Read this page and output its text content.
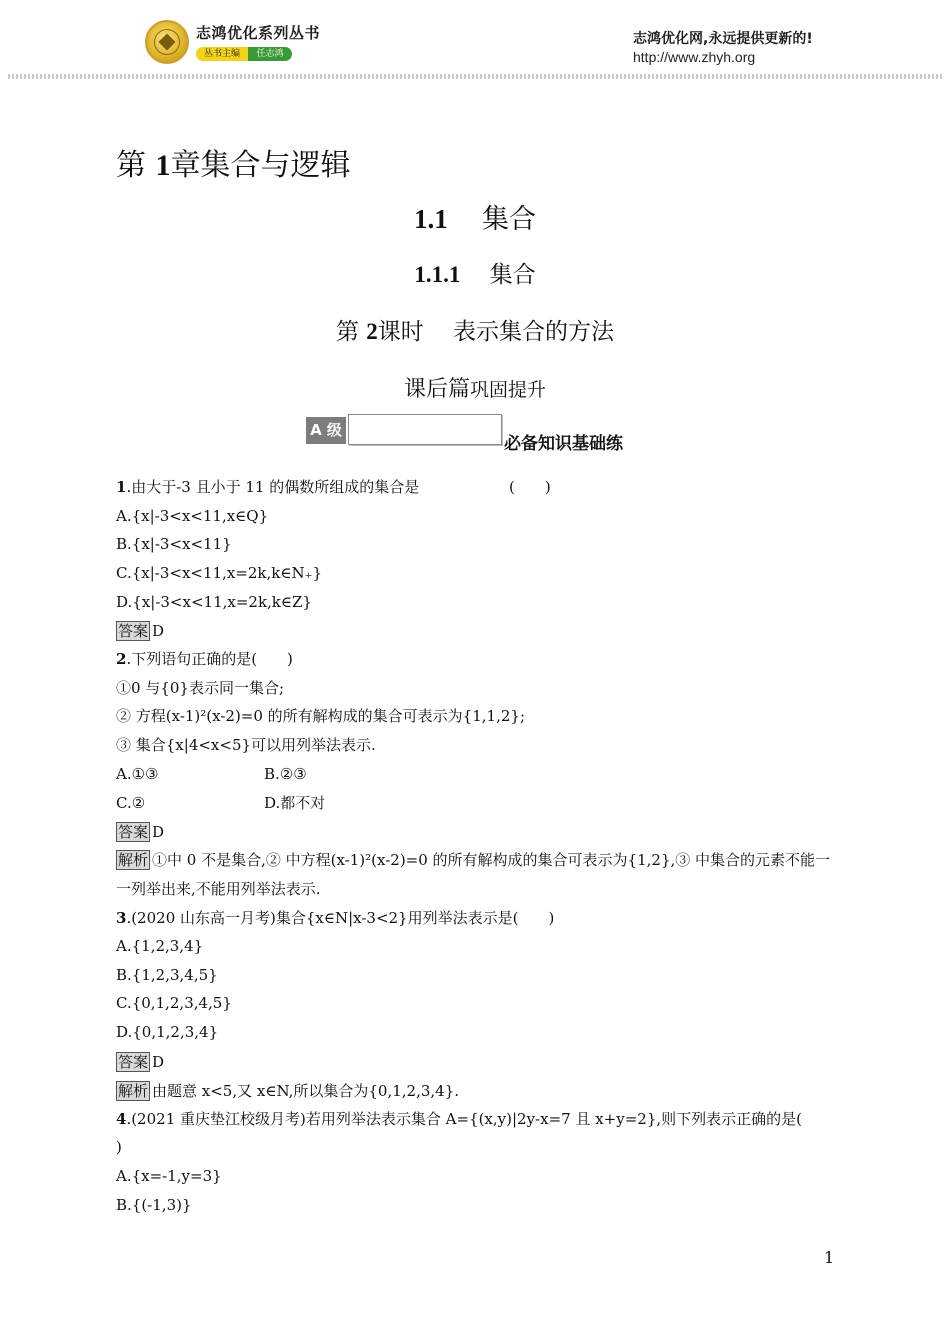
志鸿优化系列丛书
丛书主编	任志鸿
志鸿优化网,永远提供更新的!
http://www.zhyh.org
第 1章集合与逻辑
1.1 集合
1.1.1 集合
第 2课时 表示集合的方法
课后篇巩固提升
A 级
必备知识基础练
1.由大于-3 且小于 11 的偶数所组成的集合是	(　　)
A.{x|-3<x<11,x∈Q}
B.{x|-3<x<11}
C.{x|-3<x<11,x=2k,k∈N₊}
D.{x|-3<x<11,x=2k,k∈Z}
答案 D
2.下列语句正确的是(　　)
①0 与{0}表示同一集合;
② 方程(x-1)²(x-2)=0 的所有解构成的集合可表示为{1,1,2};
③ 集合{x|4<x<5}可以用列举法表示.
A.①③	B.②③
C.②	D.都不对
答案 D
解析 ①中 0 不是集合,② 中方程(x-1)²(x-2)=0 的所有解构成的集合可表示为{1,2},③ 中集合的元素不能一一列举出来,不能用列举法表示.
3.(2020 山东高一月考)集合{x∈N|x-3<2}用列举法表示是(　　)
A.{1,2,3,4}
B.{1,2,3,4,5}
C.{0,1,2,3,4,5}
D.{0,1,2,3,4}
答案 D
解析 由题意 x<5,又 x∈N,所以集合为{0,1,2,3,4}.
4.(2021 重庆垫江校级月考)若用列举法表示集合 A={(x,y)|2y-x=7 且 x+y=2},则下列表示正确的是(
)
A.{x=-1,y=3}
B.{(-1,3)}
1
